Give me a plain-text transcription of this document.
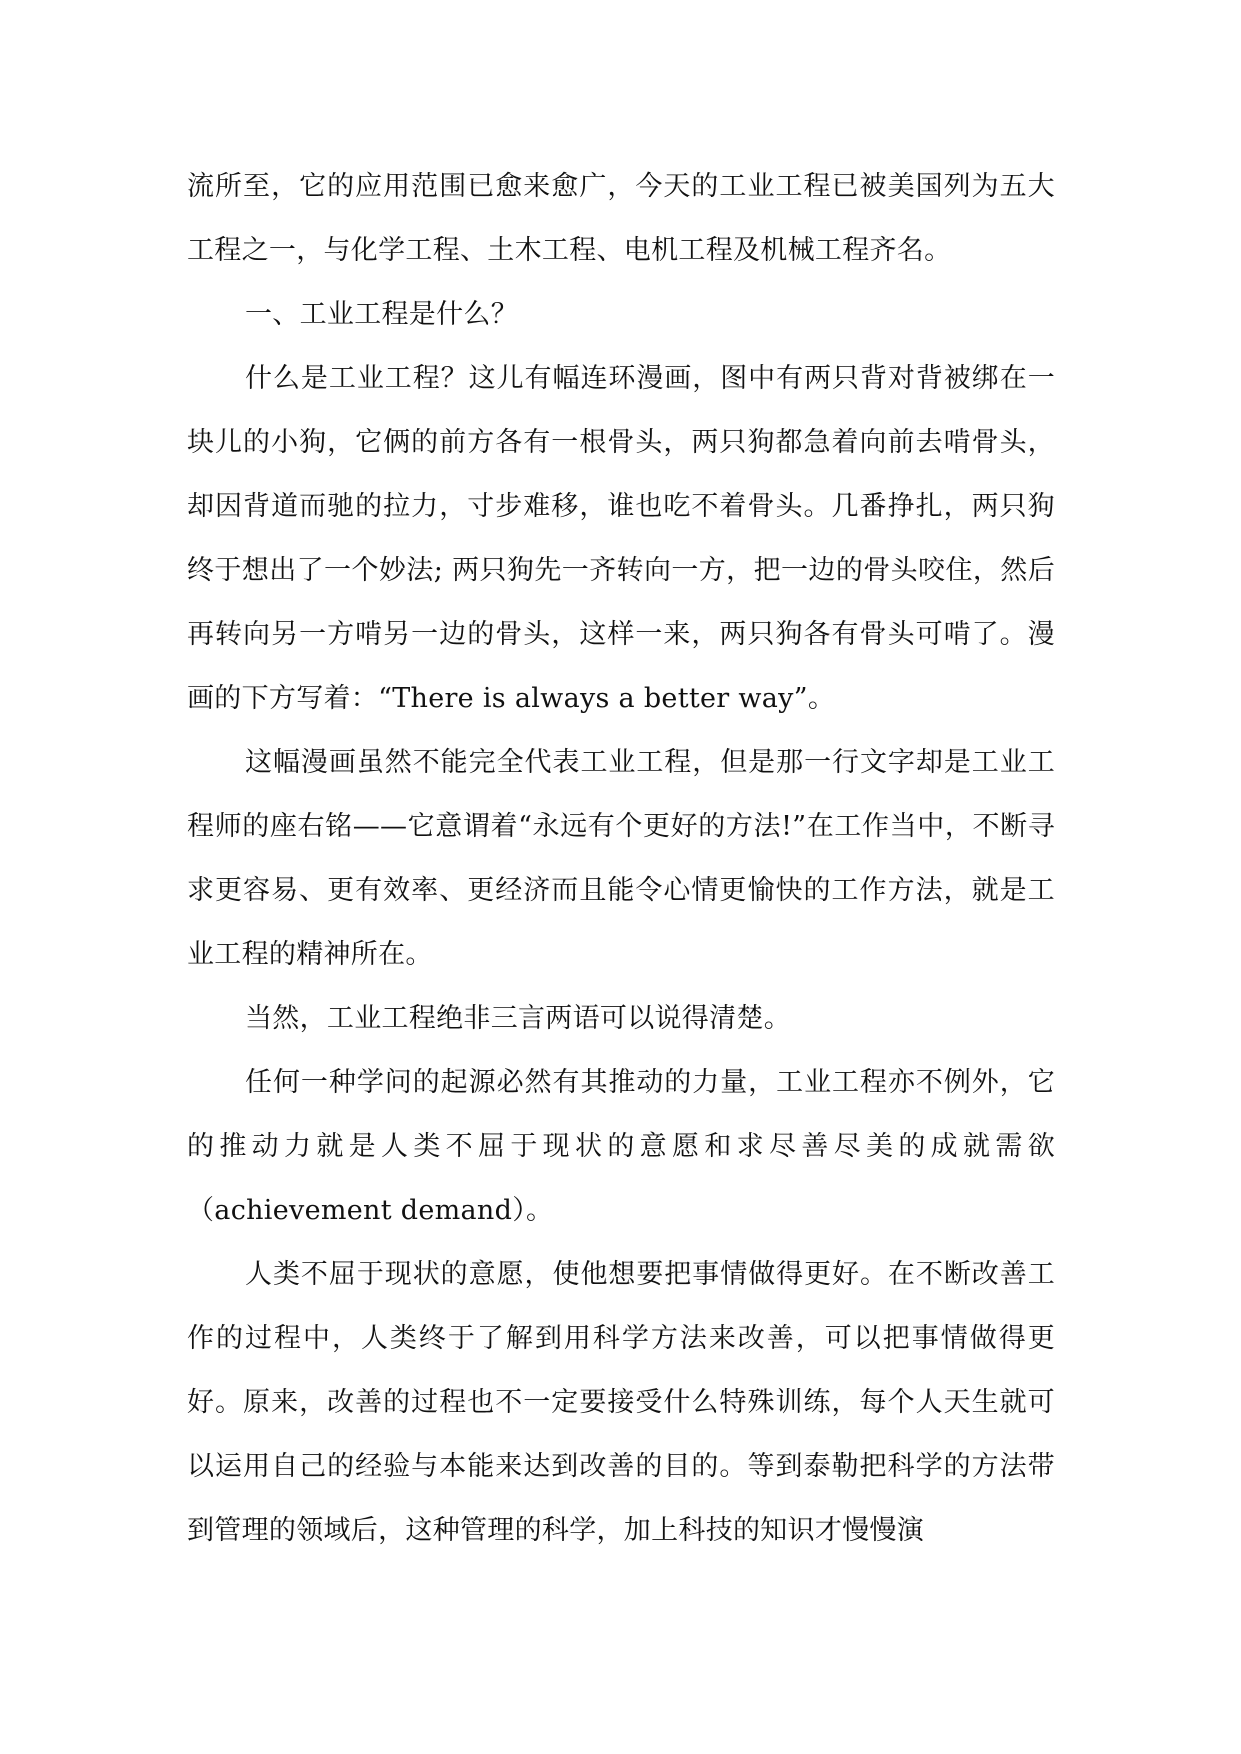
流所至，它的应用范围已愈来愈广，今天的工业工程已被美国列为五大工程之一，与化学工程、土木工程、电机工程及机械工程齐名。

一、工业工程是什么？

什么是工业工程？这儿有幅连环漫画，图中有两只背对背被绑在一块儿的小狗，它俩的前方各有一根骨头，两只狗都急着向前去啃骨头，却因背道而驰的拉力，寸步难移，谁也吃不着骨头。几番挣扎，两只狗终于想出了一个妙法; 两只狗先一齐转向一方，把一边的骨头咬住，然后再转向另一方啃另一边的骨头，这样一来，两只狗各有骨头可啃了。漫画的下方写着：“There is always a better way”。

这幅漫画虽然不能完全代表工业工程，但是那一行文字却是工业工程师的座右铭——它意谓着“永远有个更好的方法!”在工作当中，不断寻求更容易、更有效率、更经济而且能令心情更愉快的工作方法，就是工业工程的精神所在。

当然，工业工程绝非三言两语可以说得清楚。

任何一种学问的起源必然有其推动的力量，工业工程亦不例外，它的推动力就是人类不屈于现状的意愿和求尽善尽美的成就需欲（achievement demand）。

人类不屈于现状的意愿，使他想要把事情做得更好。在不断改善工作的过程中，人类终于了解到用科学方法来改善，可以把事情做得更好。原来，改善的过程也不一定要接受什么特殊训练，每个人天生就可以运用自己的经验与本能来达到改善的目的。等到泰勒把科学的方法带到管理的领域后，这种管理的科学，加上科技的知识才慢慢演
